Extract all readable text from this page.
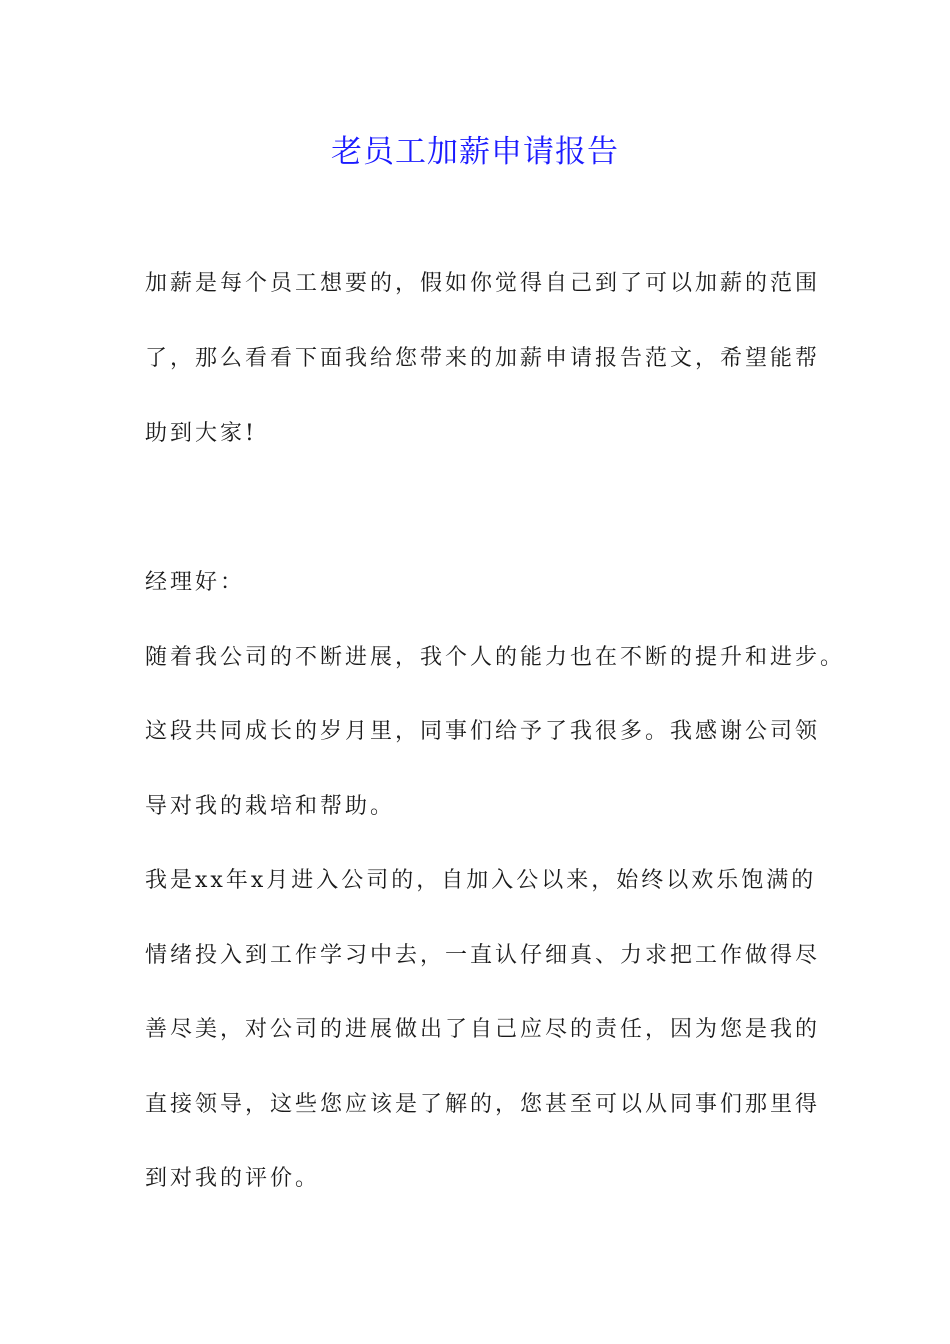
老员工加薪申请报告

加薪是每个员工想要的，假如你觉得自己到了可以加薪的范围

了，那么看看下面我给您带来的加薪申请报告范文，希望能帮

助到大家!

经理好：

随着我公司的不断进展，我个人的能力也在不断的提升和进步。

这段共同成长的岁月里，同事们给予了我很多。我感谢公司领

导对我的栽培和帮助。

我是xx年x月进入公司的，自加入公以来，始终以欢乐饱满的

情绪投入到工作学习中去，一直认仔细真、力求把工作做得尽

善尽美，对公司的进展做出了自己应尽的责任，因为您是我的

直接领导，这些您应该是了解的，您甚至可以从同事们那里得

到对我的评价。
